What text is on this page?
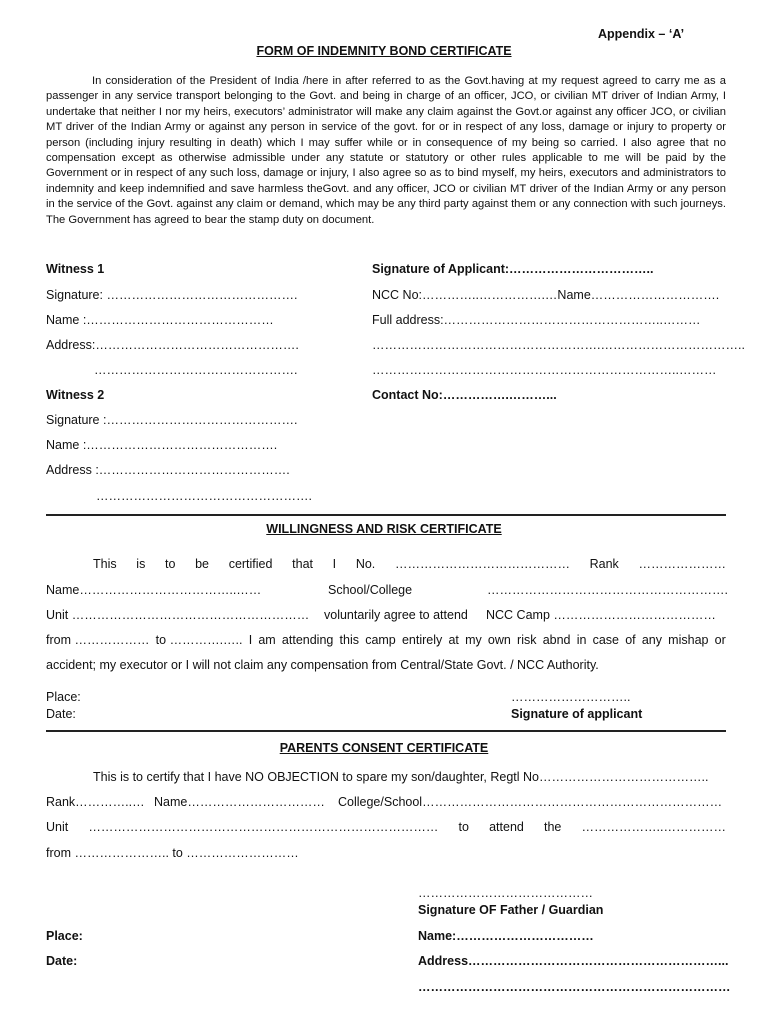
Appendix – ‘A’
FORM OF INDEMNITY BOND CERTIFICATE
In consideration of the President of India /here in after referred to as the Govt.having at my request agreed to carry me as a passenger in any service transport belonging to the Govt. and being in charge of an officer, JCO, or civilian MT driver of Indian Army, I undertake that neither I nor my heirs, executors’ administrator will make any claim against the Govt.or against any officer JCO, or civilian MT driver of the Indian Army or against any person in service of the govt. for or in respect of any loss, damage or injury to property or person (including injury resulting in death) which I may suffer while or in consequence of my being so carried. I also agree that no compensation except as otherwise admissible under any statute or statutory or other rules applicable to me will be paid by the Government or in respect of any such loss, damage or injury, I also agree so as to bind myself, my heirs, executors and administrators to indemnity and keep indemnified and save harmless theGovt. and any officer, JCO or civilian MT driver of the Indian Army or any person in the service of the Govt. against any claim or demand, which may be any third party against them or any connection with such journeys. The Government has agreed to bear the stamp duty on document.
Witness 1
Signature: ……………………………………….
Name :………………………………………
Address:………………………………………….
………………………………………….
Witness 2
Signature :……………………………………….
Name :……………………………………….
Address :……………………………………….
…………………………………………….
Signature of Applicant:……………………………..
NCC No:…………..…………….…Name………………………….
Full address:……………………………………………..………
……………………………………………….……………………………..
………………………………………………………………..………
Contact No:…………….………...
WILLINGNESS AND RISK CERTIFICATE
This is to be certified that I No. …………………………………… Rank …………………
Name………………………………..……	School/College	………………………………………………….
Unit ………………………………………………… voluntarily agree to attend NCC Camp …………………………………
from ……………… to ………….….. I am attending this camp entirely at my own risk abnd in case of any mishap or
accident; my executor or I will not claim any compensation from Central/State Govt. / NCC Authority.
Place:
Date:
………………………..
Signature of applicant
PARENTS CONSENT CERTIFICATE
This is to certify that I have NO OBJECTION to spare my son/daughter, Regtl No…………………………………..
Rank…………..… Name…………………………… College/School………………………………………………………………
Unit ………………………………………………………………………… to attend the ………………..……………
from ………………….. to ………………………
……………………………………
Signature OF Father / Guardian
Place:	Name:……………………………
Date:	Address……………………………………………………...
…………………………………………………………………
